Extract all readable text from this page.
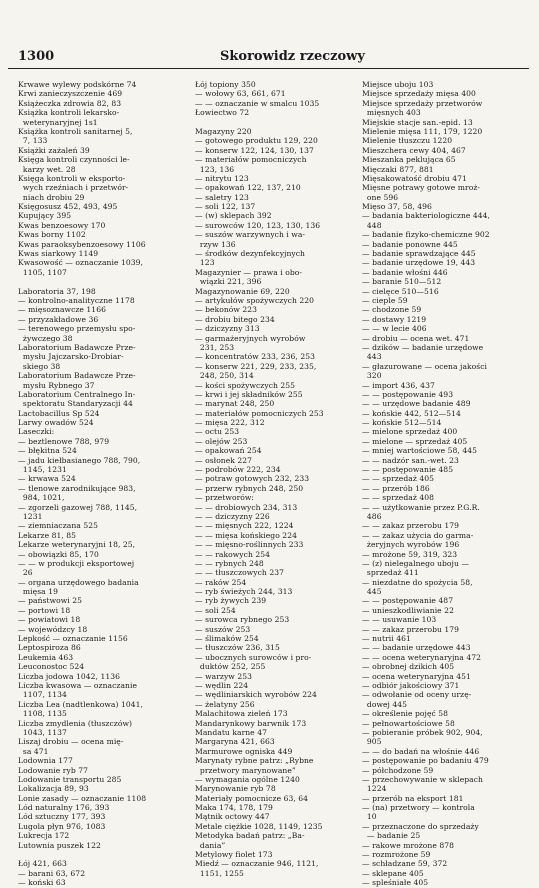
1300	Skorowidz rzeczowy
Krwawe wylewy podskórne 74
Krwi zanieczyszczenie 469
Książeczka zdrowia 82, 83
Książka kontroli lekarsko-
weterynaryjnej 1s1
Książka kontroli sanitarnej 5,
7, 133
Książki zażaleń 39
Księga kontroli czynności le-
karzy wet. 28
Księga kontroli w eksporto-
wych rzeźniach i przetwór-
niach drobiu 29
Księgosusz 452, 493, 495
Kupujący 395
Kwas benzoesowy 170
Kwas borny 1102
Kwas paraoksybenzoesowy 1106
Kwas siarkowy 1149
Kwasowość — oznaczanie 1039,
1105, 1107
Laboratoria 37, 198
— kontrolno-analityczne 1178
— mięsoznawcze 1166
— przyzakładowe 36
— terenowego przemysłu spo-
żywczego 38
Laboratorium Badawcze Prze-
mysłu Jajczarsko-Drobiar-
skiego 38
Laboratorium Badawcze Prze-
mysłu Rybnego 37
Laboratorium Centralnego In-
spektoratu Standaryzacji 44
Lactobacillus Sp 524
Larwy owadów 524
Laseczki:
— beztlenowe 788, 979
— błękitna 524
— jadu kiełbasianego 788, 790,
1145, 1231
— krwawa 524
— tlenowe zarodnikujące 983,
984, 1021,
— zgorzeli gazowej 788, 1145,
1231
— ziemniaczana 525
Lekarze 81, 85
Lekarze weterynaryjni 18, 25,
— obowiązki 85, 170
— — w produkcji eksportowej
26
— organa urzędowego badania
mięsa 19
— państwowi 25
— portowi 18
— powiatowi 18
— wojewódzcy 18
Lepkość — oznaczanie 1156
Leptospiroza 86
Leukemia 463
Leuconostoc 524
Liczba jodowa 1042, 1136
Liczba kwasowa — oznaczanie
1107, 1134
Liczba Lea (nadtlenkowa) 1041,
1108, 1135
Liczba zmydlenia (tłuszczów)
1043, 1137
Liszaj drobiu — ocena mię-
sa 471
Lodownia 177
Lodowanie ryb 77
Lodowanie transportu 285
Lokalizacja 89, 93
Lonie zasady — oznaczanie 1108
Lód naturalny 176, 393
Lód sztuczny 177, 393
Lugola płyn 976, 1083
Lukrecja 172
Lutownia puszek 122
Łój 421, 663
— barani 63, 672
— koński 63
Łój topiony 350
— wołowy 63, 661, 671
— — oznaczanie w smalcu 1035
Łowiectwo 72
Magazyny 220
— gotowego produktu 129, 220
— konserw 122, 124, 130, 137
— materiałów pomocniczych
123, 136
— nitrytu 123
— opakowań 122, 137, 210
— saletry 123
— soli 122, 137
— (w) sklepach 392
— surowców 120, 123, 130, 136
— suszów warzywnych i wa-
rzyw 136
— środków dezynfekcyjnych
123
Magazynier — prawa i obo-
wiązki 221, 396
Magazynowanie 69, 220
— artykułów spożywczych 220
— bekonów 223
— drobiu bitego 234
— dziczyzny 313
— garmażeryjnych wyrobów
231, 253
— koncentratów 233, 236, 253
— konserw 221, 229, 233, 235,
248, 250, 314
— kości spożywczych 255
— krwi i jej składników 255
— marynat 248, 250
— materiałów pomocniczych 253
— mięsa 222, 312
— octu 253
— olejów 253
— opakowań 254
— osłonek 227
— podrobów 222, 234
— potraw gotowych 232, 233
— przerw rybnych 248, 250
— przetworów:
— — drobiowych 234, 313
— — dziczyzny 226
— — mięsnych 222, 1224
— — mięsa końskiego 224
— — mięsno-roślinnych 233
— — rakowych 254
— — rybnych 248
— — tłuszczowych 237
— raków 254
— ryb świeżych 244, 313
— ryb żywych 239
— soli 254
— surowca rybnego 253
— suszów 253
— ślimaków 254
— tłuszczów 236, 315
— ubocznych surowców i pro-
duktów 252, 255
— warzyw 253
— wędlin 224
— wędliniarskich wyrobów 224
— żelatyny 256
Malachitowa zieleń 173
Mandarynkowy barwnik 173
Mandatu karne 47
Margaryna 421, 663
Marmurowe ogniska 449
Marynaty rybne patrz: „Rybne
przetwory marynowane”
— wymagania ogólne 1240
Marynowanie ryb 78
Materiały pomocnicze 63, 64
Maka 174, 178, 179
Mątnik octowy 447
Metale ciężkie 1028, 1149, 1235
Metodyka badań patrz: „Ba-
dania”
Metylowy fiolet 173
Miedź — oznaczanie 946, 1121,
1151, 1255
Miejsce uboju 103
Miejsce sprzedaży mięsa 400
Miejsce sprzedaży przetworów
mięsnych 403
Miejskie stacje san.-epid. 13
Mielenie mięsa 111, 179, 1220
Mielenie tłuszczu 1220
Mieszchera cewy 404, 467
Mieszanka peklująca 65
Mięczaki 877, 881
Mięsakowatość drobiu 471
Mięsne potrawy gotowe mroż-
one 596
Mięso 37, 58, 496
— badania bakteriologiczne 444,
448
— badanie fizyko-chemiczne 902
— badanie ponowne 445
— badanie sprawdzające 445
— badanie urzędowe 19, 443
— badanie włośni 446
— baranie 510—512
— cielęce 510—516
— cieple 59
— chodzone 59
— dostawy 1219
— — w lecie 406
— drobiu — ocena wet. 471
— dzików — badanie urzędowe
443
— głazurowane — ocena jakości
320
— import 436, 437
— — postępowanie 493
— — urzędowe badanie 489
— końskie 442, 512—514
— końskie 512—514
— mielone sprzedaż 400
— mielone — sprzedaż 405
— mniej wartościowe 58, 445
— — nadzór san.-wet. 23
— — postępowanie 485
— — sprzedaż 405
— — przerób 186
— — sprzedaż 408
— — użytkowanie przez P.G.R.
486
— — zakaz przerobu 179
— — zakaz użycia do garma-
żeryjnych wyrobów 196
— mrożone 59, 319, 323
— (z) nielegalnego uboju —
sprzedaż 411
— niezdatne do spożycia 58,
445
— — postępowanie 487
— unieszkodliwianie 22
— — usuwanie 103
— — zakaz przerobu 179
— nutrii 461
— — badanie urzędowe 443
— — ocena weterynaryjna 472
— obrobnej dzikich 405
— ocena weterynaryjna 451
— odbiór jakościowy 371
— odwołanie od oceny urzę-
dowej 445
— określenie pojęć 58
— pełnowartościowe 58
— pobieranie próbek 902, 904,
905
— — do badań na włośnie 446
— postępowanie po badaniu 479
— półchodzone 59
— przechowywanie w sklepach
1224
— przerób na eksport 181
— (na) przetwory — kontrola
10
— przeznaczone do sprzedaży
— badanie 25
— rakowe mrożone 878
— rozmrożone 59
— schładzane 59, 372
— sklepane 405
— spleśniałe 405
